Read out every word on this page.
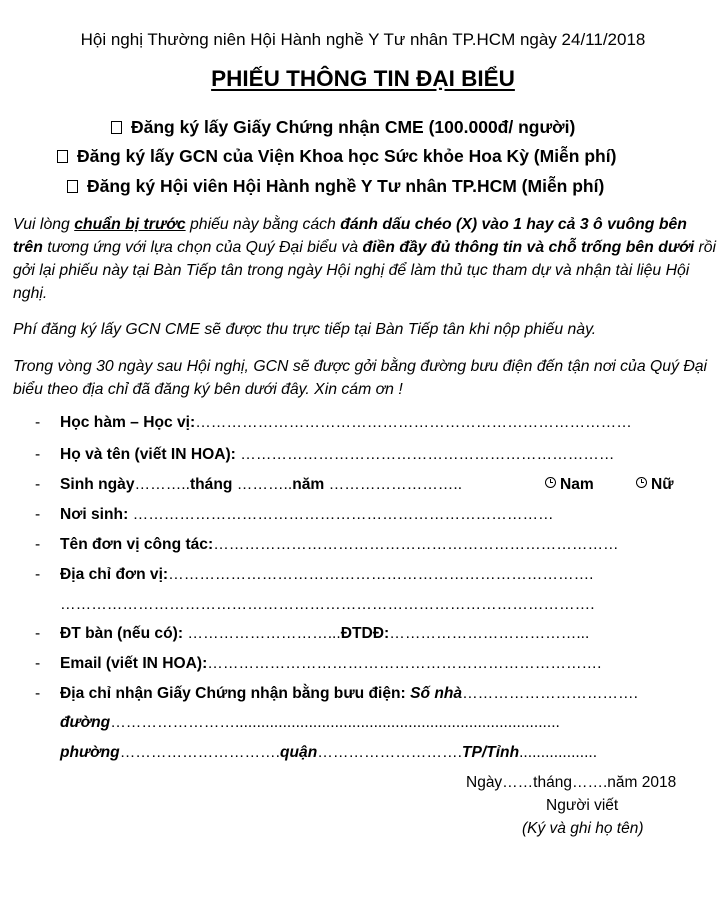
Hội nghị Thường niên Hội Hành nghề Y Tư nhân TP.HCM ngày 24/11/2018
PHIẾU THÔNG TIN ĐẠI BIỂU
Đăng ký lấy Giấy Chứng nhận CME (100.000đ/ người)
Đăng ký lấy GCN của Viện Khoa học Sức khỏe Hoa Kỳ (Miễn phí)
Đăng ký Hội viên Hội Hành nghề Y Tư nhân TP.HCM (Miễn phí)
Vui lòng chuẩn bị trước phiếu này bằng cách đánh dấu chéo (X) vào 1 hay cả 3 ô vuông bên trên tương ứng với lựa chọn của Quý Đại biểu và điền đầy đủ thông tin và chỗ trống bên dưới rồi gởi lại phiếu này tại Bàn Tiếp tân trong ngày Hội nghị để làm thủ tục tham dự và nhận tài liệu Hội nghị.
Phí đăng ký lấy GCN CME sẽ được thu trực tiếp tại Bàn Tiếp tân khi nộp phiếu này.
Trong vòng 30 ngày sau Hội nghị, GCN sẽ được gởi bằng đường bưu điện đến tận nơi của Quý Đại biểu theo địa chỉ đã đăng ký bên dưới đây. Xin cám ơn !
- Học hàm – Học vị:…………………………………………………………………………
- Họ và tên (viết IN HOA): ………………………………………………………………
- Sinh ngày………..tháng ………..năm ……………………..	Nam	Nữ
- Nơi sinh: ………………………………………………………………………
- Tên đơn vị công tác:……………………………………………………………………
- Địa chỉ đơn vị:……………………………………………………………………….
………………………………………………………………………………………….
- ĐT bàn (nếu có): ………………………...ĐTDĐ:………………………………...
- Email (viết IN HOA):………………………………………………………………….
- Địa chỉ nhận Giấy Chứng nhận bằng bưu điện: Số nhà…………………………….
đường……………………...........................................................................
phường………………………….quận……………………….TP/Tỉnh..................
Ngày……tháng…….năm 2018
Người viết
(Ký và ghi họ tên)
